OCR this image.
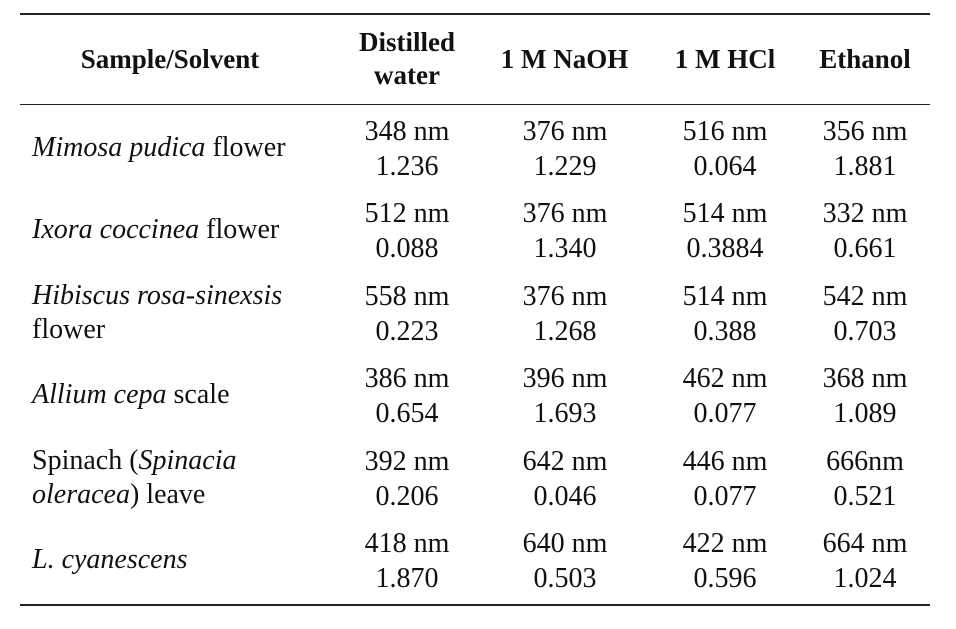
Sample/Solvent
Distilled
water
1 M NaOH	1 M HCl	Ethanol
Mimosa pudica flower
348 nm
1.236
376 nm
1.229
516 nm
0.064
356 nm
1.881
Ixora coccinea flower
512 nm
0.088
376 nm
1.340
514 nm
0.3884
332 nm
0.661
Hibiscus rosa-sinexsis
flower
558 nm
0.223
376 nm
1.268
514 nm
0.388
542 nm
0.703
Allium cepa scale
386 nm
0.654
396 nm
1.693
462 nm
0.077
368 nm
1.089
Spinach (Spinacia
oleracea) leave
392 nm
0.206
642 nm
0.046
446 nm
0.077
666nm
0.521
L. cyanescens
418 nm
1.870
640 nm
0.503
422 nm
0.596
664 nm
1.024
